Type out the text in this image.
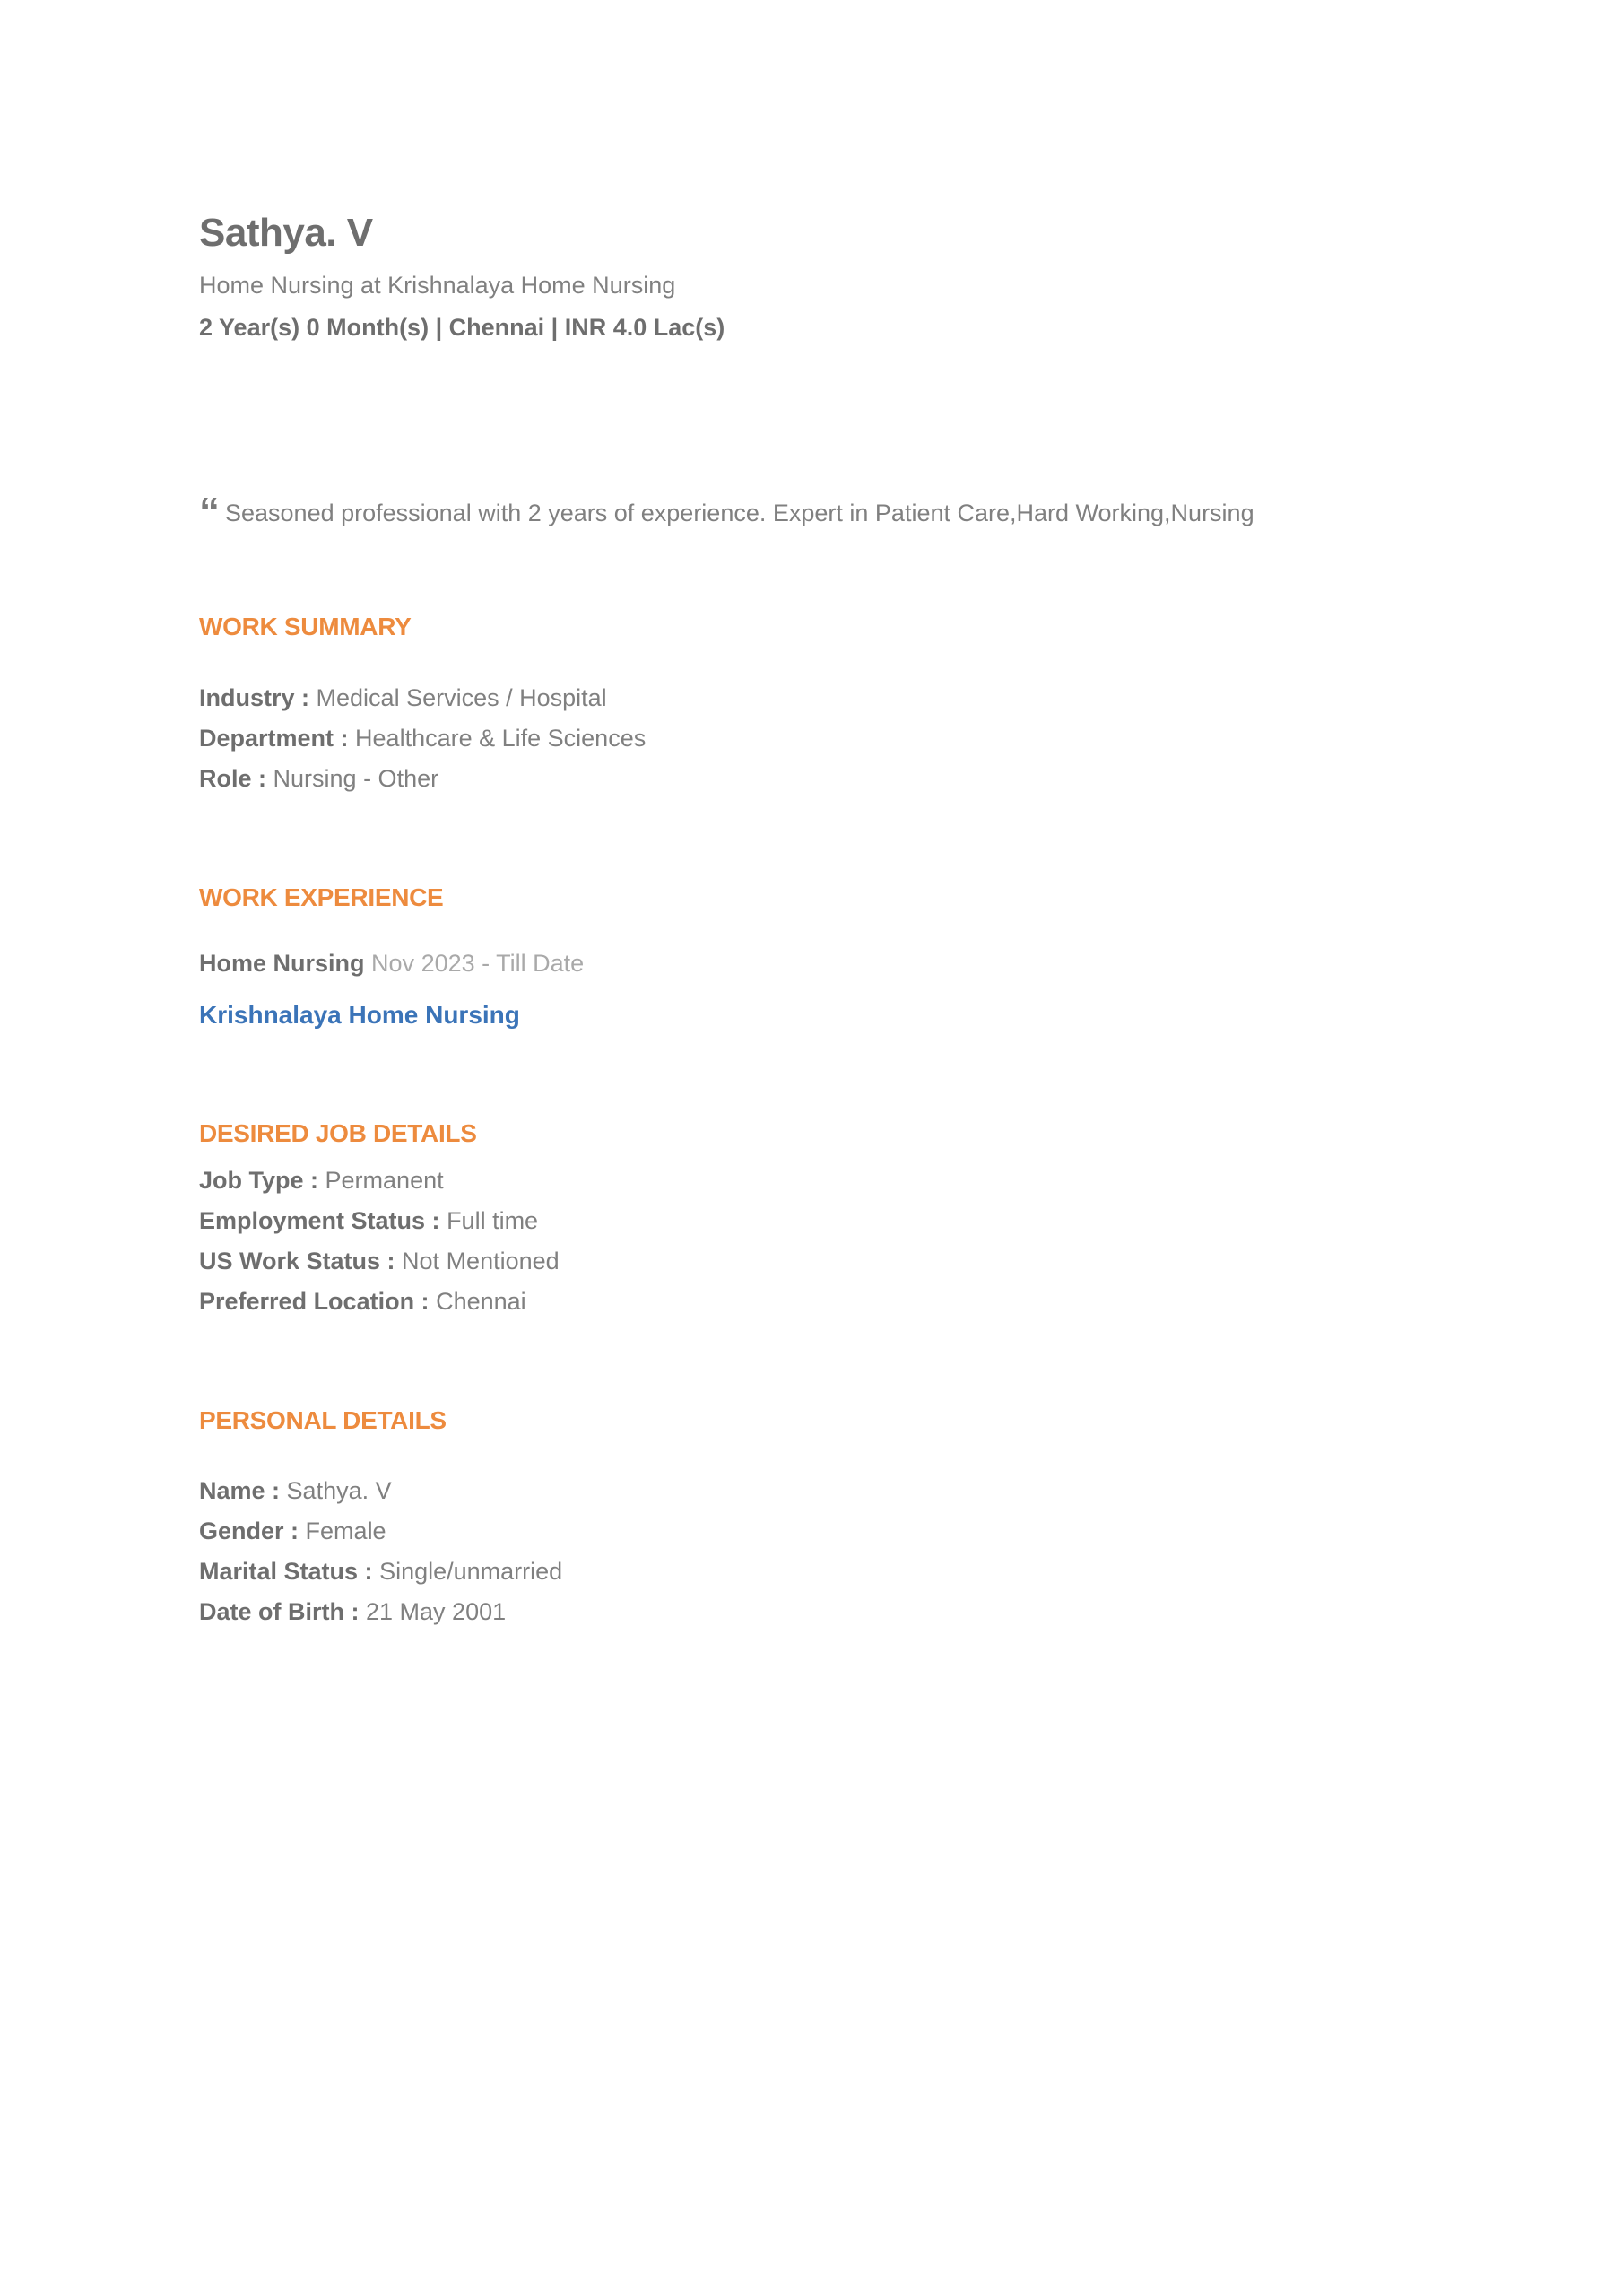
Sathya. V

Home Nursing at Krishnalaya Home Nursing

2 Year(s) 0 Month(s) | Chennai | INR 4.0 Lac(s)

“ Seasoned professional with 2 years of experience. Expert in Patient Care,Hard Working,Nursing
WORK SUMMARY
Industry : Medical Services / Hospital
Department : Healthcare & Life Sciences
Role : Nursing - Other
WORK EXPERIENCE

Home Nursing Nov 2023 - Till Date

Krishnalaya Home Nursing
DESIRED JOB DETAILS
Job Type : Permanent
Employment Status : Full time
US Work Status : Not Mentioned
Preferred Location : Chennai
PERSONAL DETAILS
Name : Sathya. V
Gender : Female
Marital Status : Single/unmarried
Date of Birth : 21 May 2001
